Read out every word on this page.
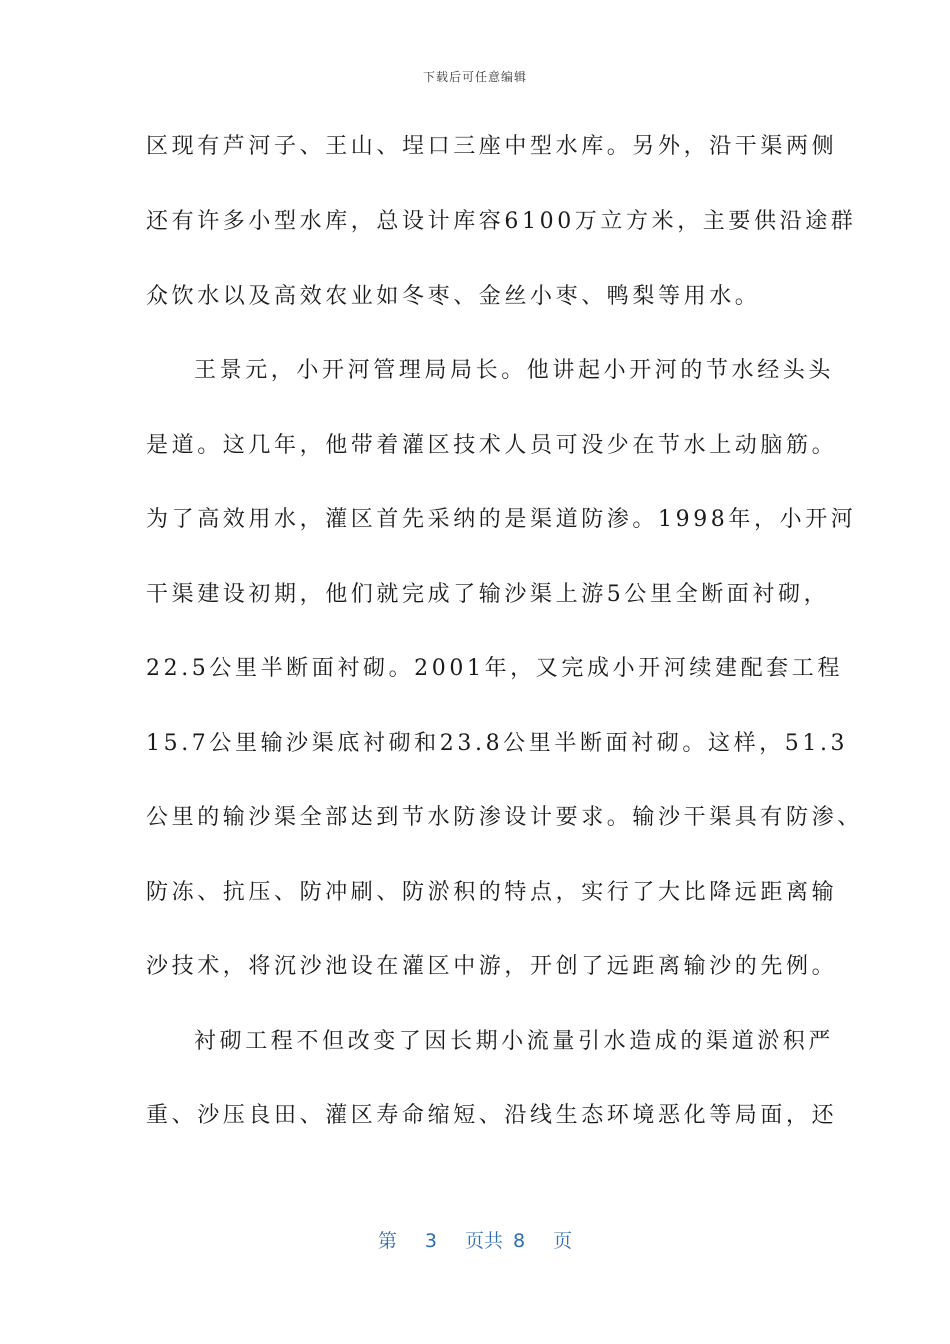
下载后可任意编辑
区现有芦河子、王山、埕口三座中型水库。另外，沿干渠两侧
还有许多小型水库，总设计库容6100万立方米，主要供沿途群
众饮水以及高效农业如冬枣、金丝小枣、鸭梨等用水。
王景元，小开河管理局局长。他讲起小开河的节水经头头
是道。这几年，他带着灌区技术人员可没少在节水上动脑筋。
为了高效用水，灌区首先采纳的是渠道防渗。1998年，小开河
干渠建设初期，他们就完成了输沙渠上游5公里全断面衬砌，
22.5公里半断面衬砌。2001年，又完成小开河续建配套工程
15.7公里输沙渠底衬砌和23.8公里半断面衬砌。这样，51.3
公里的输沙渠全部达到节水防渗设计要求。输沙干渠具有防渗、
防冻、抗压、防冲刷、防淤积的特点，实行了大比降远距离输
沙技术，将沉沙池设在灌区中游，开创了远距离输沙的先例。
衬砌工程不但改变了因长期小流量引水造成的渠道淤积严
重、沙压良田、灌区寿命缩短、沿线生态环境恶化等局面，还
第 3 页共 8 页
